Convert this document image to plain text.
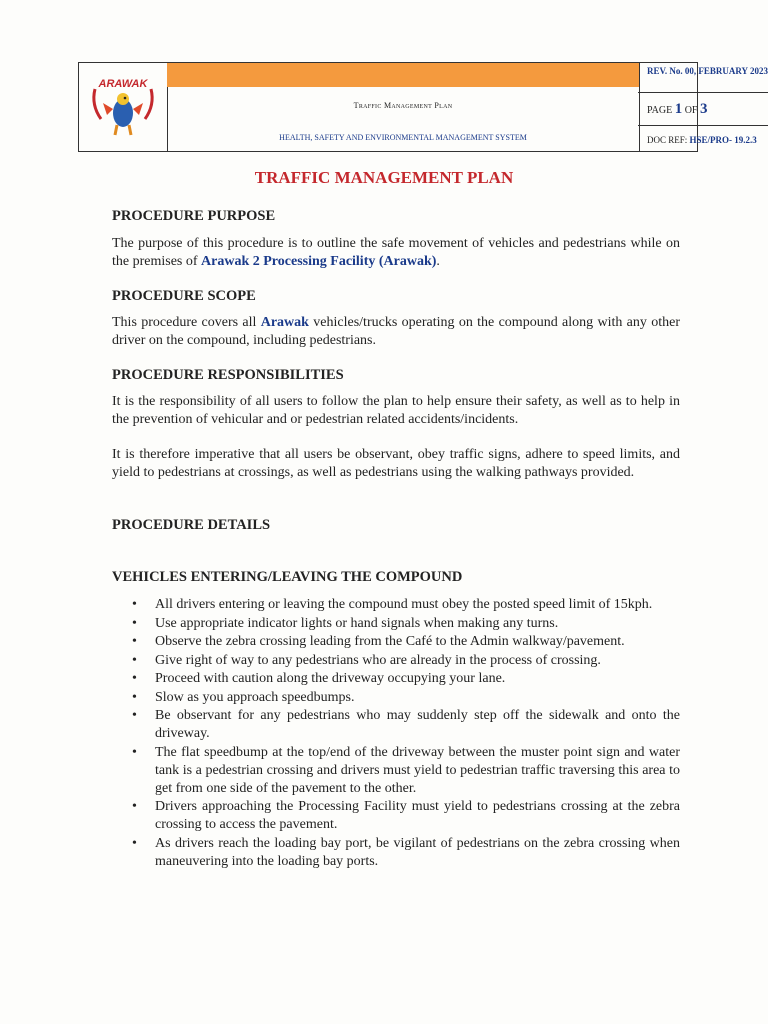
ARAWAK
Traffic Management Plan
HEALTH, SAFETY AND ENVIRONMENTAL MANAGEMENT SYSTEM
REV. No. 00, FEBRUARY 2023
PAGE 1 OF 3
DOC REF: HSE/PRO- 19.2.3
TRAFFIC MANAGEMENT PLAN
PROCEDURE PURPOSE
The purpose of this procedure is to outline the safe movement of vehicles and pedestrians while on the premises of Arawak 2 Processing Facility (Arawak).
PROCEDURE SCOPE
This procedure covers all Arawak vehicles/trucks operating on the compound along with any other driver on the compound, including pedestrians.
PROCEDURE RESPONSIBILITIES
It is the responsibility of all users to follow the plan to help ensure their safety, as well as to help in the prevention of vehicular and or pedestrian related accidents/incidents.
It is therefore imperative that all users be observant, obey traffic signs, adhere to speed limits, and yield to pedestrians at crossings, as well as pedestrians using the walking pathways provided.
PROCEDURE DETAILS
VEHICLES ENTERING/LEAVING THE COMPOUND
• All drivers entering or leaving the compound must obey the posted speed limit of 15kph.
• Use appropriate indicator lights or hand signals when making any turns.
• Observe the zebra crossing leading from the Café to the Admin walkway/pavement.
• Give right of way to any pedestrians who are already in the process of crossing.
• Proceed with caution along the driveway occupying your lane.
• Slow as you approach speedbumps.
• Be observant for any pedestrians who may suddenly step off the sidewalk and onto the driveway.
• The flat speedbump at the top/end of the driveway between the muster point sign and water tank is a pedestrian crossing and drivers must yield to pedestrian traffic traversing this area to get from one side of the pavement to the other.
• Drivers approaching the Processing Facility must yield to pedestrians crossing at the zebra crossing to access the pavement.
• As drivers reach the loading bay port, be vigilant of pedestrians on the zebra crossing when maneuvering into the loading bay ports.
